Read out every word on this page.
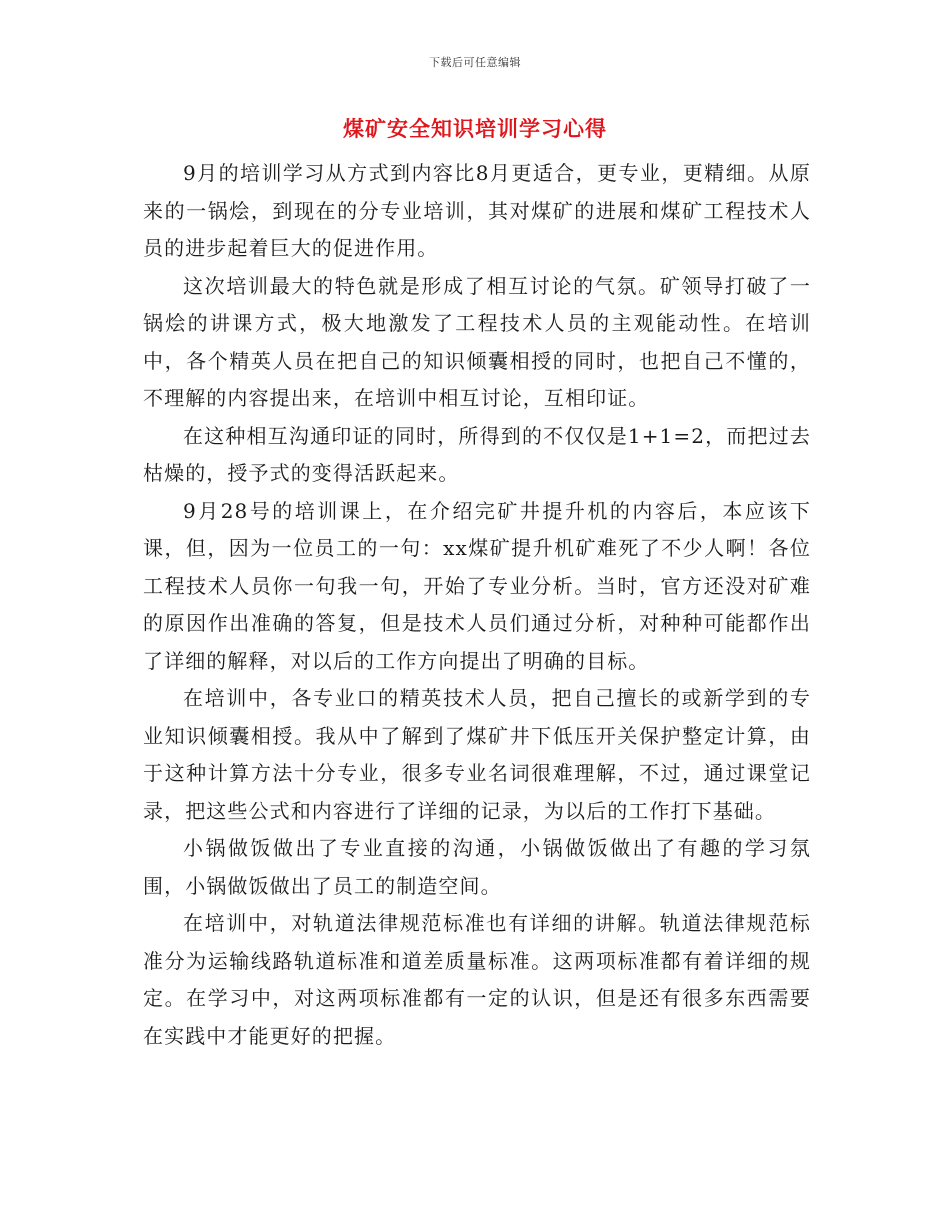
下载后可任意编辑
煤矿安全知识培训学习心得

9月的培训学习从方式到内容比8月更适合，更专业，更精细。从原来的一锅烩，到现在的分专业培训，其对煤矿的进展和煤矿工程技术人员的进步起着巨大的促进作用。

这次培训最大的特色就是形成了相互讨论的气氛。矿领导打破了一锅烩的讲课方式，极大地激发了工程技术人员的主观能动性。在培训中，各个精英人员在把自己的知识倾囊相授的同时，也把自己不懂的，不理解的内容提出来，在培训中相互讨论，互相印证。

在这种相互沟通印证的同时，所得到的不仅仅是1+1=2，而把过去枯燥的，授予式的变得活跃起来。

9月28号的培训课上，在介绍完矿井提升机的内容后，本应该下课，但，因为一位员工的一句：xx煤矿提升机矿难死了不少人啊！各位工程技术人员你一句我一句，开始了专业分析。当时，官方还没对矿难的原因作出准确的答复，但是技术人员们通过分析，对种种可能都作出了详细的解释，对以后的工作方向提出了明确的目标。

在培训中，各专业口的精英技术人员，把自己擅长的或新学到的专业知识倾囊相授。我从中了解到了煤矿井下低压开关保护整定计算，由于这种计算方法十分专业，很多专业名词很难理解，不过，通过课堂记录，把这些公式和内容进行了详细的记录，为以后的工作打下基础。

小锅做饭做出了专业直接的沟通，小锅做饭做出了有趣的学习氛围，小锅做饭做出了员工的制造空间。

在培训中，对轨道法律规范标准也有详细的讲解。轨道法律规范标准分为运输线路轨道标准和道差质量标准。这两项标准都有着详细的规定。在学习中，对这两项标准都有一定的认识，但是还有很多东西需要在实践中才能更好的把握。
